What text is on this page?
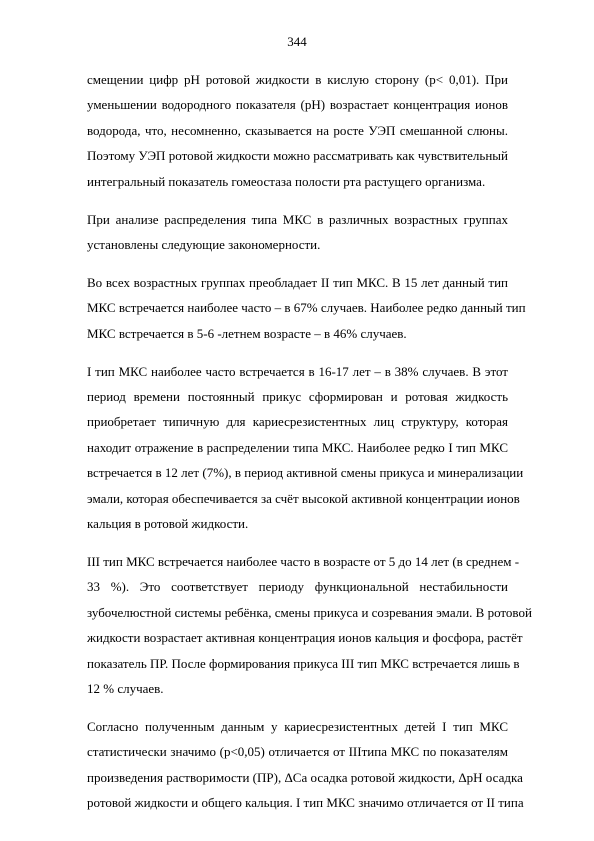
344

смещении цифр рН ротовой жидкости в кислую сторону (р< 0,01). При
уменьшении водородного показателя (рН) возрастает концентрация ионов
водорода, что, несомненно, сказывается на росте УЭП смешанной слюны.
Поэтому УЭП ротовой жидкости можно рассматривать как чувствительный
интегральный показатель гомеостаза полости рта растущего организма.

При анализе распределения типа МКС в различных возрастных группах
установлены следующие закономерности.

Во всех возрастных группах преобладает II тип МКС. В 15 лет данный тип
МКС встречается наиболее часто – в 67% случаев. Наиболее редко данный тип
МКС встречается в 5-6 -летнем возрасте – в 46% случаев.

I тип МКС наиболее часто встречается в 16-17 лет – в 38% случаев. В этот
период времени постоянный прикус сформирован и ротовая жидкость
приобретает типичную для кариесрезистентных лиц структуру, которая
находит отражение в распределении типа МКС. Наиболее редко I тип МКС
встречается в 12 лет (7%), в период активной смены прикуса и минерализации
эмали, которая обеспечивается за счёт высокой активной концентрации ионов
кальция в ротовой жидкости.

III тип МКС встречается наиболее часто в возрасте от 5 до 14 лет (в среднем -
33 %). Это соответствует периоду функциональной нестабильности
зубочелюстной системы ребёнка, смены прикуса и созревания эмали. В ротовой
жидкости возрастает активная концентрация ионов кальция и фосфора, растёт
показатель ПР. После формирования прикуса III тип МКС встречается лишь в
12 % случаев.

Согласно полученным данным у кариесрезистентных детей I тип МКС
статистически значимо (р<0,05) отличается от IIIтипа МКС по показателям
произведения растворимости (ПР), ΔСа осадка ротовой жидкости, ΔрН осадка
ротовой жидкости и общего кальция. I тип МКС значимо отличается от II типа
